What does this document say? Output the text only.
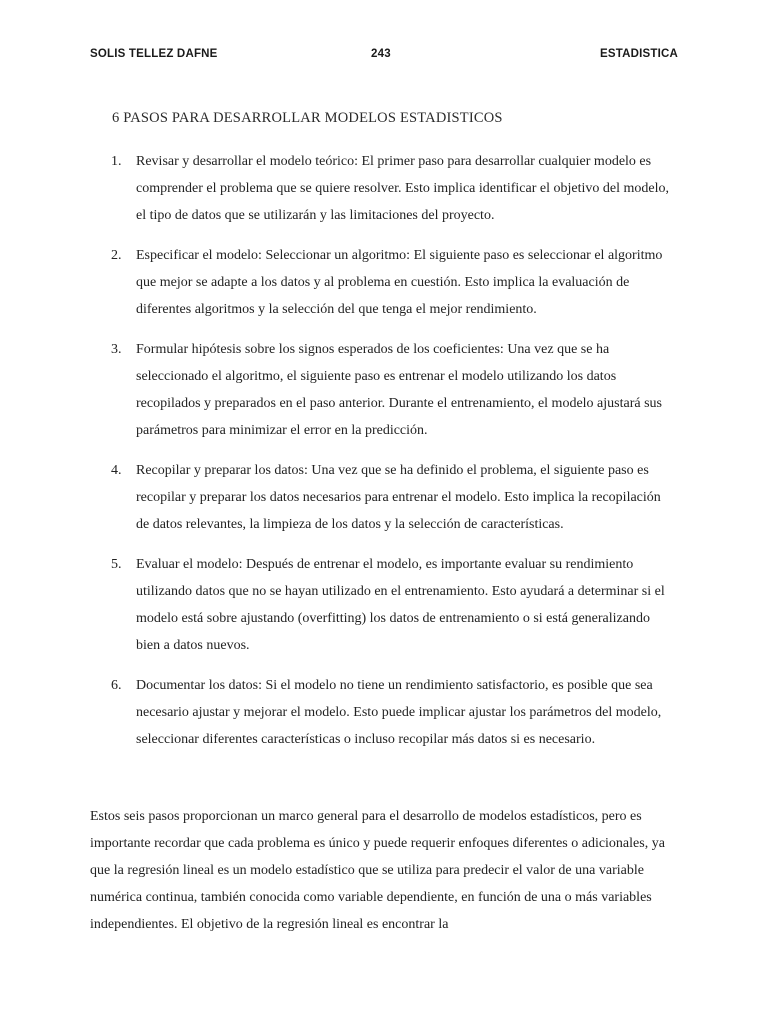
SOLIS TELLEZ DAFNE	243	ESTADISTICA
6 PASOS PARA DESARROLLAR MODELOS ESTADISTICOS
1. Revisar y desarrollar el modelo teórico: El primer paso para desarrollar cualquier modelo es comprender el problema que se quiere resolver. Esto implica identificar el objetivo del modelo, el tipo de datos que se utilizarán y las limitaciones del proyecto.
2. Especificar el modelo: Seleccionar un algoritmo: El siguiente paso es seleccionar el algoritmo que mejor se adapte a los datos y al problema en cuestión. Esto implica la evaluación de diferentes algoritmos y la selección del que tenga el mejor rendimiento.
3. Formular hipótesis sobre los signos esperados de los coeficientes: Una vez que se ha seleccionado el algoritmo, el siguiente paso es entrenar el modelo utilizando los datos recopilados y preparados en el paso anterior. Durante el entrenamiento, el modelo ajustará sus parámetros para minimizar el error en la predicción.
4. Recopilar y preparar los datos: Una vez que se ha definido el problema, el siguiente paso es recopilar y preparar los datos necesarios para entrenar el modelo. Esto implica la recopilación de datos relevantes, la limpieza de los datos y la selección de características.
5. Evaluar el modelo: Después de entrenar el modelo, es importante evaluar su rendimiento utilizando datos que no se hayan utilizado en el entrenamiento. Esto ayudará a determinar si el modelo está sobre ajustando (overfitting) los datos de entrenamiento o si está generalizando bien a datos nuevos.
6. Documentar los datos: Si el modelo no tiene un rendimiento satisfactorio, es posible que sea necesario ajustar y mejorar el modelo. Esto puede implicar ajustar los parámetros del modelo, seleccionar diferentes características o incluso recopilar más datos si es necesario.

Estos seis pasos proporcionan un marco general para el desarrollo de modelos estadísticos, pero es importante recordar que cada problema es único y puede requerir enfoques diferentes o adicionales, ya que la regresión lineal es un modelo estadístico que se utiliza para predecir el valor de una variable numérica continua, también conocida como variable dependiente, en función de una o más variables independientes. El objetivo de la regresión lineal es encontrar la
